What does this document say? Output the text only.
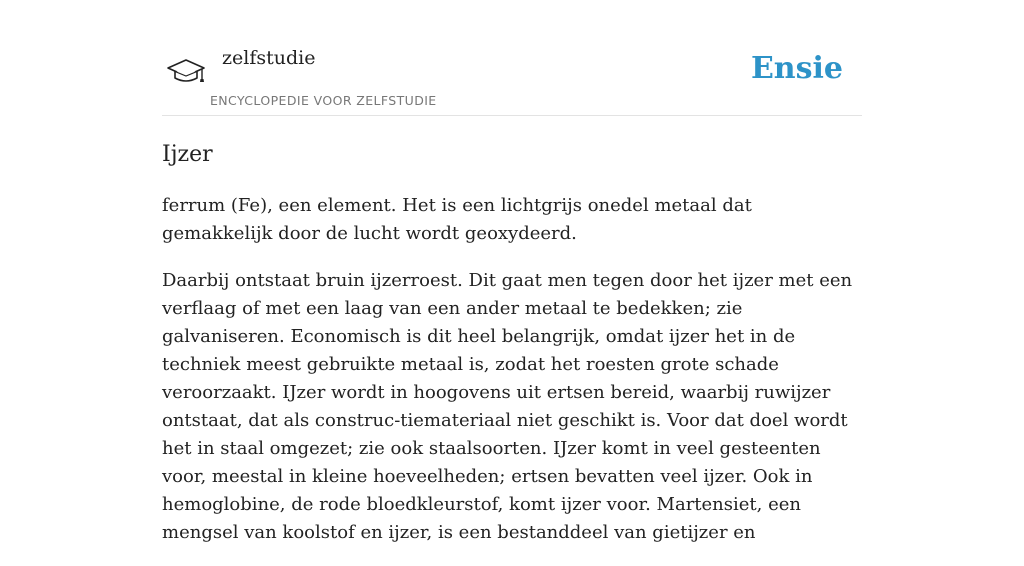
zelfstudie
ENCYCLOPEDIE VOOR ZELFSTUDIE
Ensie
Ijzer

ferrum (Fe), een element. Het is een lichtgrijs onedel metaal dat gemakkelijk door de lucht wordt geoxydeerd.

Daarbij ontstaat bruin ijzerroest. Dit gaat men tegen door het ijzer met een verflaag of met een laag van een ander metaal te bedekken; zie galvaniseren. Economisch is dit heel belangrijk, omdat ijzer het in de techniek meest gebruikte metaal is, zodat het roesten grote schade veroorzaakt. IJzer wordt in hoogovens uit ertsen bereid, waarbij ruwijzer ontstaat, dat als construc-tiemateriaal niet geschikt is. Voor dat doel wordt het in staal omgezet; zie ook staalsoorten. IJzer komt in veel gesteenten voor, meestal in kleine hoeveelheden; ertsen bevatten veel ijzer. Ook in hemoglobine, de rode bloedkleurstof, komt ijzer voor. Martensiet, een mengsel van koolstof en ijzer, is een bestanddeel van gietijzer en
